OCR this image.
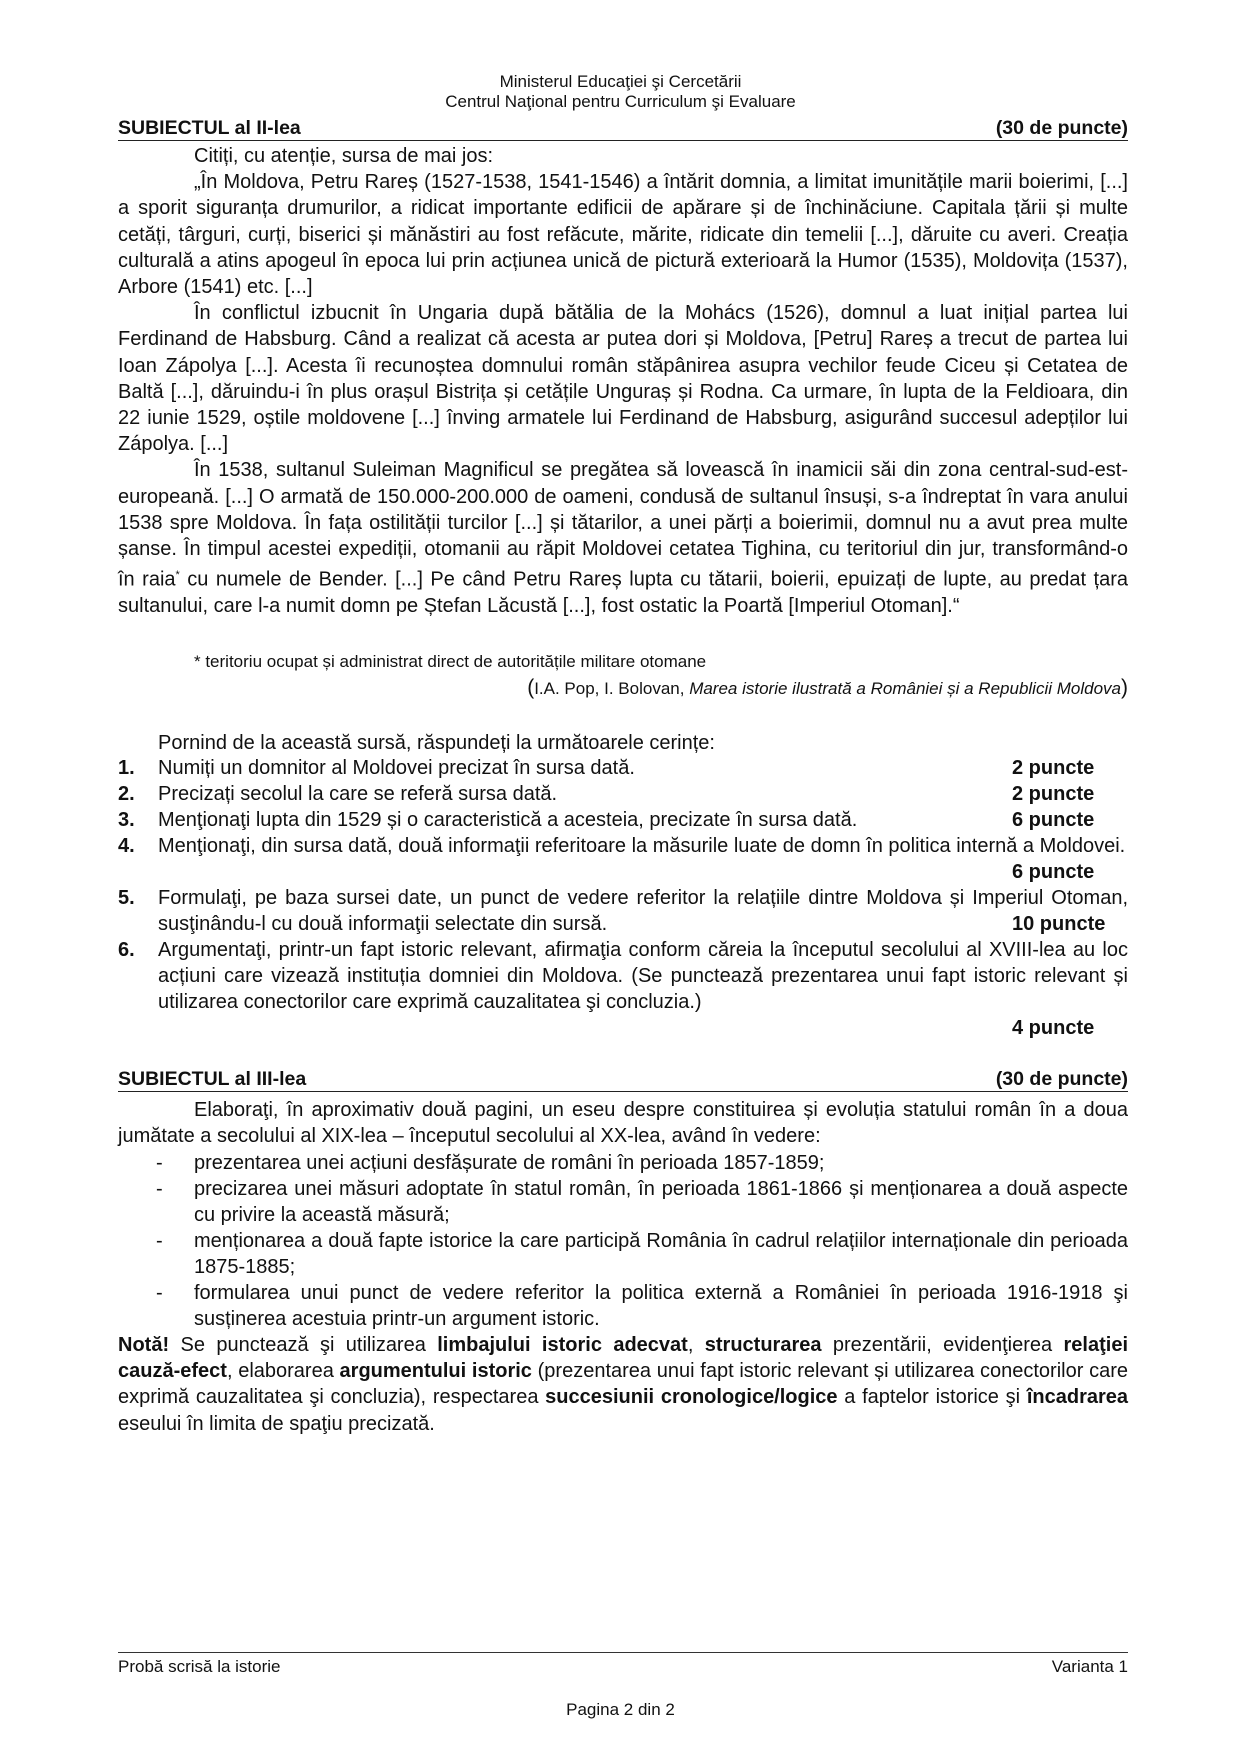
Ministerul Educaţiei şi Cercetării
Centrul Naţional pentru Curriculum şi Evaluare
SUBIECTUL al II-lea	(30 de puncte)

Citiți, cu atenție, sursa de mai jos:

„În Moldova, Petru Rareș (1527-1538, 1541-1546) a întărit domnia, a limitat imunitățile marii boierimi, [...] a sporit siguranța drumurilor, a ridicat importante edificii de apărare și de închinăciune. Capitala țării și multe cetăți, târguri, curți, biserici și mănăstiri au fost refăcute, mărite, ridicate din temelii [...], dăruite cu averi. Creația culturală a atins apogeul în epoca lui prin acțiunea unică de pictură exterioară la Humor (1535), Moldovița (1537), Arbore (1541) etc. [...]

În conflictul izbucnit în Ungaria după bătălia de la Mohács (1526), domnul a luat inițial partea lui Ferdinand de Habsburg. Când a realizat că acesta ar putea dori și Moldova, [Petru] Rareș a trecut de partea lui Ioan Zápolya [...]. Acesta îi recunoștea domnului român stăpânirea asupra vechilor feude Ciceu și Cetatea de Baltă [...], dăruindu-i în plus orașul Bistrița și cetățile Unguraș și Rodna. Ca urmare, în lupta de la Feldioara, din 22 iunie 1529, oștile moldovene [...] înving armatele lui Ferdinand de Habsburg, asigurând succesul adepților lui Zápolya. [...]

În 1538, sultanul Suleiman Magnificul se pregătea să lovească în inamicii săi din zona central-sud-est-europeană. [...] O armată de 150.000-200.000 de oameni, condusă de sultanul însuși, s-a îndreptat în vara anului 1538 spre Moldova. În fața ostilității turcilor [...] și tătarilor, a unei părți a boierimii, domnul nu a avut prea multe șanse. În timpul acestei expediții, otomanii au răpit Moldovei cetatea Tighina, cu teritoriul din jur, transformând-o în raia* cu numele de Bender. [...] Pe când Petru Rareș lupta cu tătarii, boierii, epuizați de lupte, au predat țara sultanului, care l-a numit domn pe Ștefan Lăcustă [...], fost ostatic la Poartă [Imperiul Otoman].“

* teritoriu ocupat și administrat direct de autoritățile militare otomane
(I.A. Pop, I. Bolovan, Marea istorie ilustrată a României și a Republicii Moldova)
Pornind de la această sursă, răspundeți la următoarele cerințe:
1.	Numiți un domnitor al Moldovei precizat în sursa dată.	2 puncte
2.	Precizați secolul la care se referă sursa dată.	2 puncte
3.	Menţionaţi lupta din 1529 și o caracteristică a acesteia, precizate în sursa dată.	6 puncte
4.	Menţionaţi, din sursa dată, două informaţii referitoare la măsurile luate de domn în politica internă a Moldovei.
6 puncte
5.	Formulaţi, pe baza sursei date, un punct de vedere referitor la relațiile dintre Moldova și Imperiul Otoman, susţinându-l cu două informaţii selectate din sursă.	10 puncte
6.	Argumentaţi, printr-un fapt istoric relevant, afirmaţia conform căreia la începutul secolului al XVIII-lea au loc acțiuni care vizează instituția domniei din Moldova. (Se punctează prezentarea unui fapt istoric relevant și utilizarea conectorilor care exprimă cauzalitatea şi concluzia.)
4 puncte
SUBIECTUL al III-lea	(30 de puncte)

Elaboraţi, în aproximativ două pagini, un eseu despre constituirea și evoluția statului român în a doua jumătate a secolului al XIX-lea – începutul secolului al XX-lea, având în vedere:

- prezentarea unei acțiuni desfășurate de români în perioada 1857-1859;
- precizarea unei măsuri adoptate în statul român, în perioada 1861-1866 și menționarea a două aspecte cu privire la această măsură;
- menționarea a două fapte istorice la care participă România în cadrul relațiilor internaționale din perioada 1875-1885;
- formularea unui punct de vedere referitor la politica externă a României în perioada 1916-1918 şi susținerea acestuia printr-un argument istoric.

Notă! Se punctează şi utilizarea limbajului istoric adecvat, structurarea prezentării, evidenţierea relaţiei cauză-efect, elaborarea argumentului istoric (prezentarea unui fapt istoric relevant și utilizarea conectorilor care exprimă cauzalitatea şi concluzia), respectarea succesiunii cronologice/logice a faptelor istorice şi încadrarea eseului în limita de spaţiu precizată.

Probă scrisă la istorie	Varianta 1
Pagina 2 din 2
